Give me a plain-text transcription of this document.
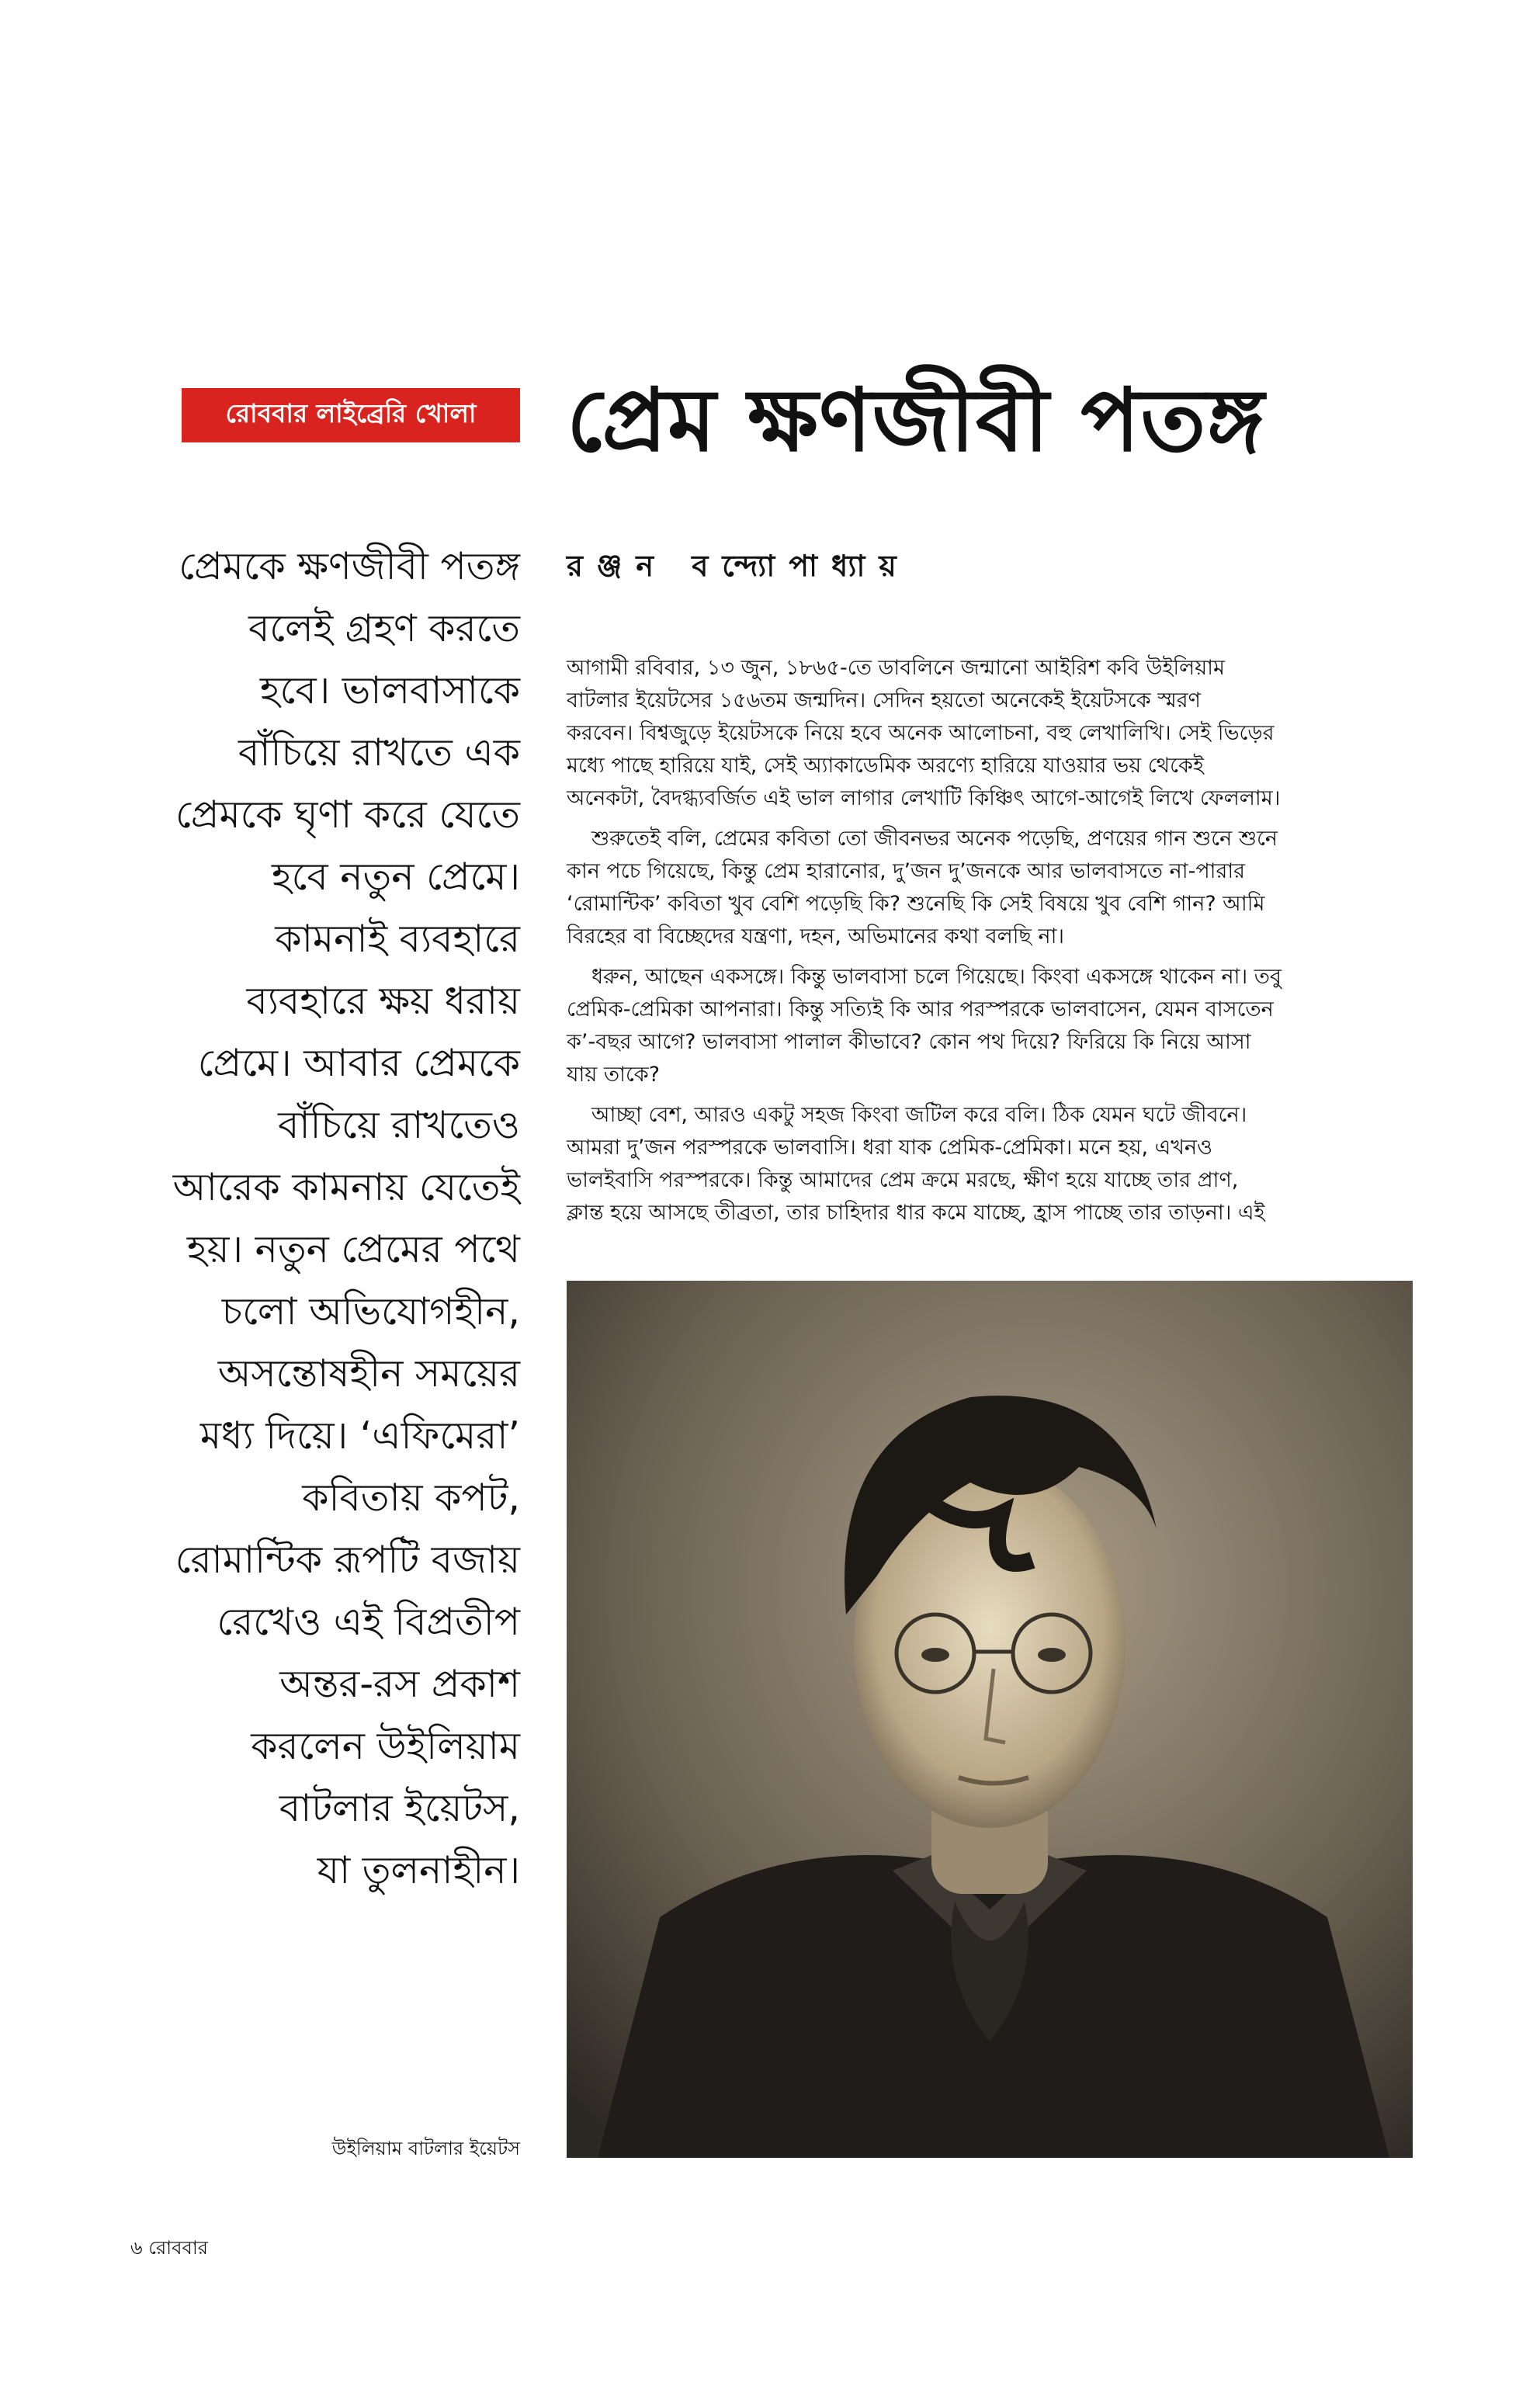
রোববার লাইব্রেরি খোলা	প্রেম ক্ষণজীবী পতঙ্গ
প্রেমকে ক্ষণজীবী পতঙ্গ
বলেই গ্রহণ করতে
হবে। ভালবাসাকে
বাঁচিয়ে রাখতে এক
প্রেমকে ঘৃণা করে যেতে
হবে নতুন প্রেমে।
কামনাই ব্যবহারে
ব্যবহারে ক্ষয় ধরায়
প্রেমে। আবার প্রেমকে
বাঁচিয়ে রাখতেও
আরেক কামনায় যেতেই
হয়। নতুন প্রেমের পথে
চলো অভিযোগহীন,
অসন্তোষহীন সময়ের
মধ্য দিয়ে। ‘এফিমেরা’
কবিতায় কপট,
রোমান্টিক রূপটি বজায়
রেখেও এই বিপ্রতীপ
অন্তর-রস প্রকাশ
করলেন উইলিয়াম
বাটলার ইয়েটস,
যা তুলনাহীন।
রঞ্জন বন্দ্যোপাধ্যায়

আগামী রবিবার, ১৩ জুন, ১৮৬৫-তে ডাবলিনে জন্মানো আইরিশ কবি উইলিয়াম
বাটলার ইয়েটসের ১৫৬তম জন্মদিন। সেদিন হয়তো অনেকেই ইয়েটসকে স্মরণ
করবেন। বিশ্বজুড়ে ইয়েটসকে নিয়ে হবে অনেক আলোচনা, বহু লেখালিখি। সেই ভিড়ের
মধ্যে পাছে হারিয়ে যাই, সেই অ্যাকাডেমিক অরণ্যে হারিয়ে যাওয়ার ভয় থেকেই
অনেকটা, বৈদগ্ধ্যবর্জিত এই ভাল লাগার লেখাটি কিঞ্চিৎ আগে-আগেই লিখে ফেললাম।

শুরুতেই বলি, প্রেমের কবিতা তো জীবনভর অনেক পড়েছি, প্রণয়ের গান শুনে শুনে
কান পচে গিয়েছে, কিন্তু প্রেম হারানোর, দু’জন দু’জনকে আর ভালবাসতে না-পারার
‘রোমান্টিক’ কবিতা খুব বেশি পড়েছি কি? শুনেছি কি সেই বিষয়ে খুব বেশি গান? আমি
বিরহের বা বিচ্ছেদের যন্ত্রণা, দহন, অভিমানের কথা বলছি না।

ধরুন, আছেন একসঙ্গে। কিন্তু ভালবাসা চলে গিয়েছে। কিংবা একসঙ্গে থাকেন না। তবু
প্রেমিক-প্রেমিকা আপনারা। কিন্তু সত্যিই কি আর পরস্পরকে ভালবাসেন, যেমন বাসতেন
ক’-বছর আগে? ভালবাসা পালাল কীভাবে? কোন পথ দিয়ে? ফিরিয়ে কি নিয়ে আসা
যায় তাকে?

আচ্ছা বেশ, আরও একটু সহজ কিংবা জটিল করে বলি। ঠিক যেমন ঘটে জীবনে।
আমরা দু’জন পরস্পরকে ভালবাসি। ধরা যাক প্রেমিক-প্রেমিকা। মনে হয়, এখনও
ভালইবাসি পরস্পরকে। কিন্তু আমাদের প্রেম ক্রমে মরছে, ক্ষীণ হয়ে যাচ্ছে তার প্রাণ,
ক্লান্ত হয়ে আসছে তীব্রতা, তার চাহিদার ধার কমে যাচ্ছে, হ্রাস পাচ্ছে তার তাড়না। এই

উইলিয়াম বাটলার ইয়েটস
৬ রোববার
